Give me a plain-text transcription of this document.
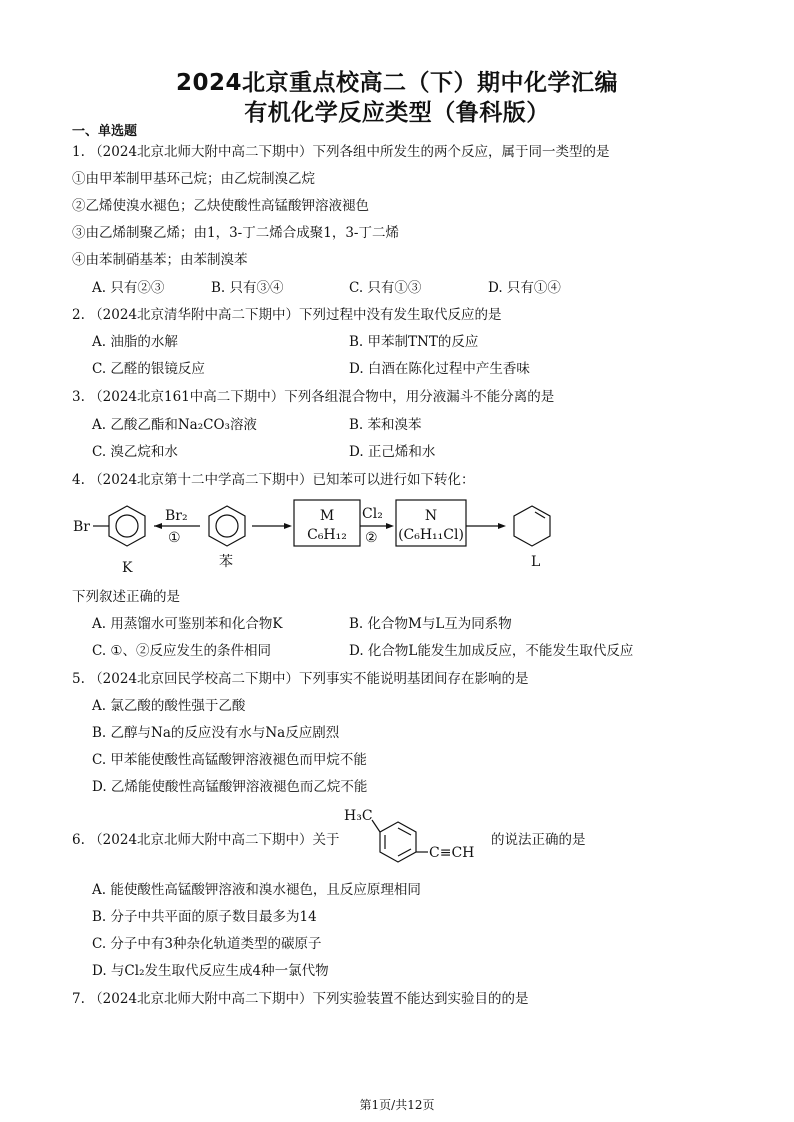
2024北京重点校高二（下）期中化学汇编
有机化学反应类型（鲁科版）
一、单选题
1. （2024北京北师大附中高二下期中）下列各组中所发生的两个反应，属于同一类型的是
①由甲苯制甲基环己烷；由乙烷制溴乙烷
②乙烯使溴水褪色；乙炔使酸性高锰酸钾溶液褪色
③由乙烯制聚乙烯；由1，3-丁二烯合成聚1，3-丁二烯
④由苯制硝基苯；由苯制溴苯
A. 只有②③	B. 只有③④	C. 只有①③	D. 只有①④
2. （2024北京清华附中高二下期中）下列过程中没有发生取代反应的是
A. 油脂的水解	B. 甲苯制TNT的反应
C. 乙醛的银镜反应	D. 白酒在陈化过程中产生香味
3. （2024北京161中高二下期中）下列各组混合物中，用分液漏斗不能分离的是
A. 乙酸乙酯和Na₂CO₃溶液	B. 苯和溴苯
C. 溴乙烷和水	D. 正己烯和水
4. （2024北京第十二中学高二下期中）已知苯可以进行如下转化：
Br
Br₂
①
K	苯
M
C₆H₁₂
Cl₂
②
N
(C₆H₁₁Cl)
L
下列叙述正确的是
A. 用蒸馏水可鉴别苯和化合物K	B. 化合物M与L互为同系物
C. ①、②反应发生的条件相同	D. 化合物L能发生加成反应，不能发生取代反应
5. （2024北京回民学校高二下期中）下列事实不能说明基团间存在影响的是
A. 氯乙酸的酸性强于乙酸
B. 乙醇与Na的反应没有水与Na反应剧烈
C. 甲苯能使酸性高锰酸钾溶液褪色而甲烷不能
D. 乙烯能使酸性高锰酸钾溶液褪色而乙烷不能
6. （2024北京北师大附中高二下期中）关于
H₃C
C≡CH
的说法正确的是
A. 能使酸性高锰酸钾溶液和溴水褪色，且反应原理相同
B. 分子中共平面的原子数目最多为14
C. 分子中有3种杂化轨道类型的碳原子
D. 与Cl₂发生取代反应生成4种一氯代物
7. （2024北京北师大附中高二下期中）下列实验装置不能达到实验目的的是
第1页/共12页
